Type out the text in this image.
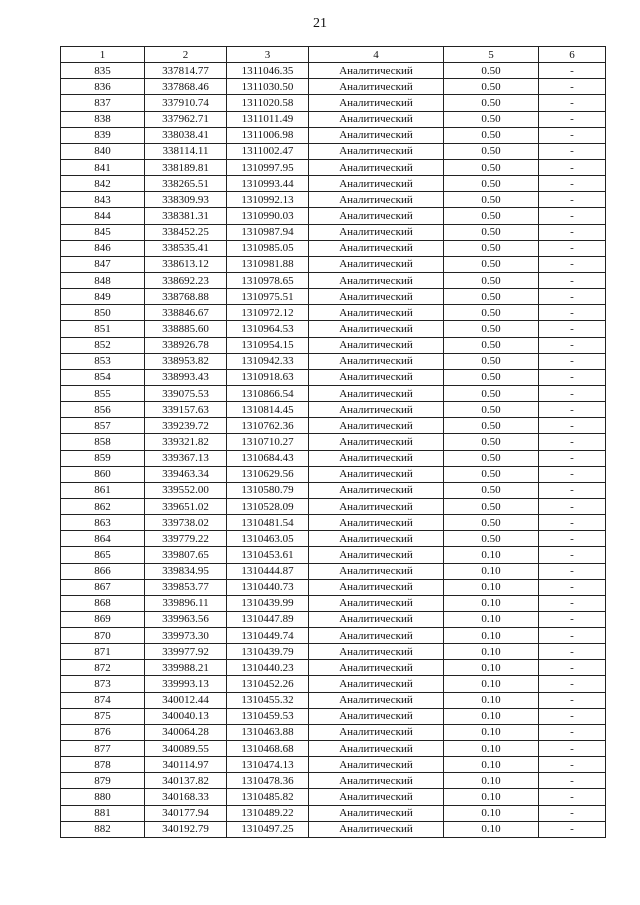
21
1	2	3	4	5	6
835	337814.77	1311046.35	Аналитический	0.50	-
836	337868.46	1311030.50	Аналитический	0.50	-
837	337910.74	1311020.58	Аналитический	0.50	-
838	337962.71	1311011.49	Аналитический	0.50	-
839	338038.41	1311006.98	Аналитический	0.50	-
840	338114.11	1311002.47	Аналитический	0.50	-
841	338189.81	1310997.95	Аналитический	0.50	-
842	338265.51	1310993.44	Аналитический	0.50	-
843	338309.93	1310992.13	Аналитический	0.50	-
844	338381.31	1310990.03	Аналитический	0.50	-
845	338452.25	1310987.94	Аналитический	0.50	-
846	338535.41	1310985.05	Аналитический	0.50	-
847	338613.12	1310981.88	Аналитический	0.50	-
848	338692.23	1310978.65	Аналитический	0.50	-
849	338768.88	1310975.51	Аналитический	0.50	-
850	338846.67	1310972.12	Аналитический	0.50	-
851	338885.60	1310964.53	Аналитический	0.50	-
852	338926.78	1310954.15	Аналитический	0.50	-
853	338953.82	1310942.33	Аналитический	0.50	-
854	338993.43	1310918.63	Аналитический	0.50	-
855	339075.53	1310866.54	Аналитический	0.50	-
856	339157.63	1310814.45	Аналитический	0.50	-
857	339239.72	1310762.36	Аналитический	0.50	-
858	339321.82	1310710.27	Аналитический	0.50	-
859	339367.13	1310684.43	Аналитический	0.50	-
860	339463.34	1310629.56	Аналитический	0.50	-
861	339552.00	1310580.79	Аналитический	0.50	-
862	339651.02	1310528.09	Аналитический	0.50	-
863	339738.02	1310481.54	Аналитический	0.50	-
864	339779.22	1310463.05	Аналитический	0.50	-
865	339807.65	1310453.61	Аналитический	0.10	-
866	339834.95	1310444.87	Аналитический	0.10	-
867	339853.77	1310440.73	Аналитический	0.10	-
868	339896.11	1310439.99	Аналитический	0.10	-
869	339963.56	1310447.89	Аналитический	0.10	-
870	339973.30	1310449.74	Аналитический	0.10	-
871	339977.92	1310439.79	Аналитический	0.10	-
872	339988.21	1310440.23	Аналитический	0.10	-
873	339993.13	1310452.26	Аналитический	0.10	-
874	340012.44	1310455.32	Аналитический	0.10	-
875	340040.13	1310459.53	Аналитический	0.10	-
876	340064.28	1310463.88	Аналитический	0.10	-
877	340089.55	1310468.68	Аналитический	0.10	-
878	340114.97	1310474.13	Аналитический	0.10	-
879	340137.82	1310478.36	Аналитический	0.10	-
880	340168.33	1310485.82	Аналитический	0.10	-
881	340177.94	1310489.22	Аналитический	0.10	-
882	340192.79	1310497.25	Аналитический	0.10	-
